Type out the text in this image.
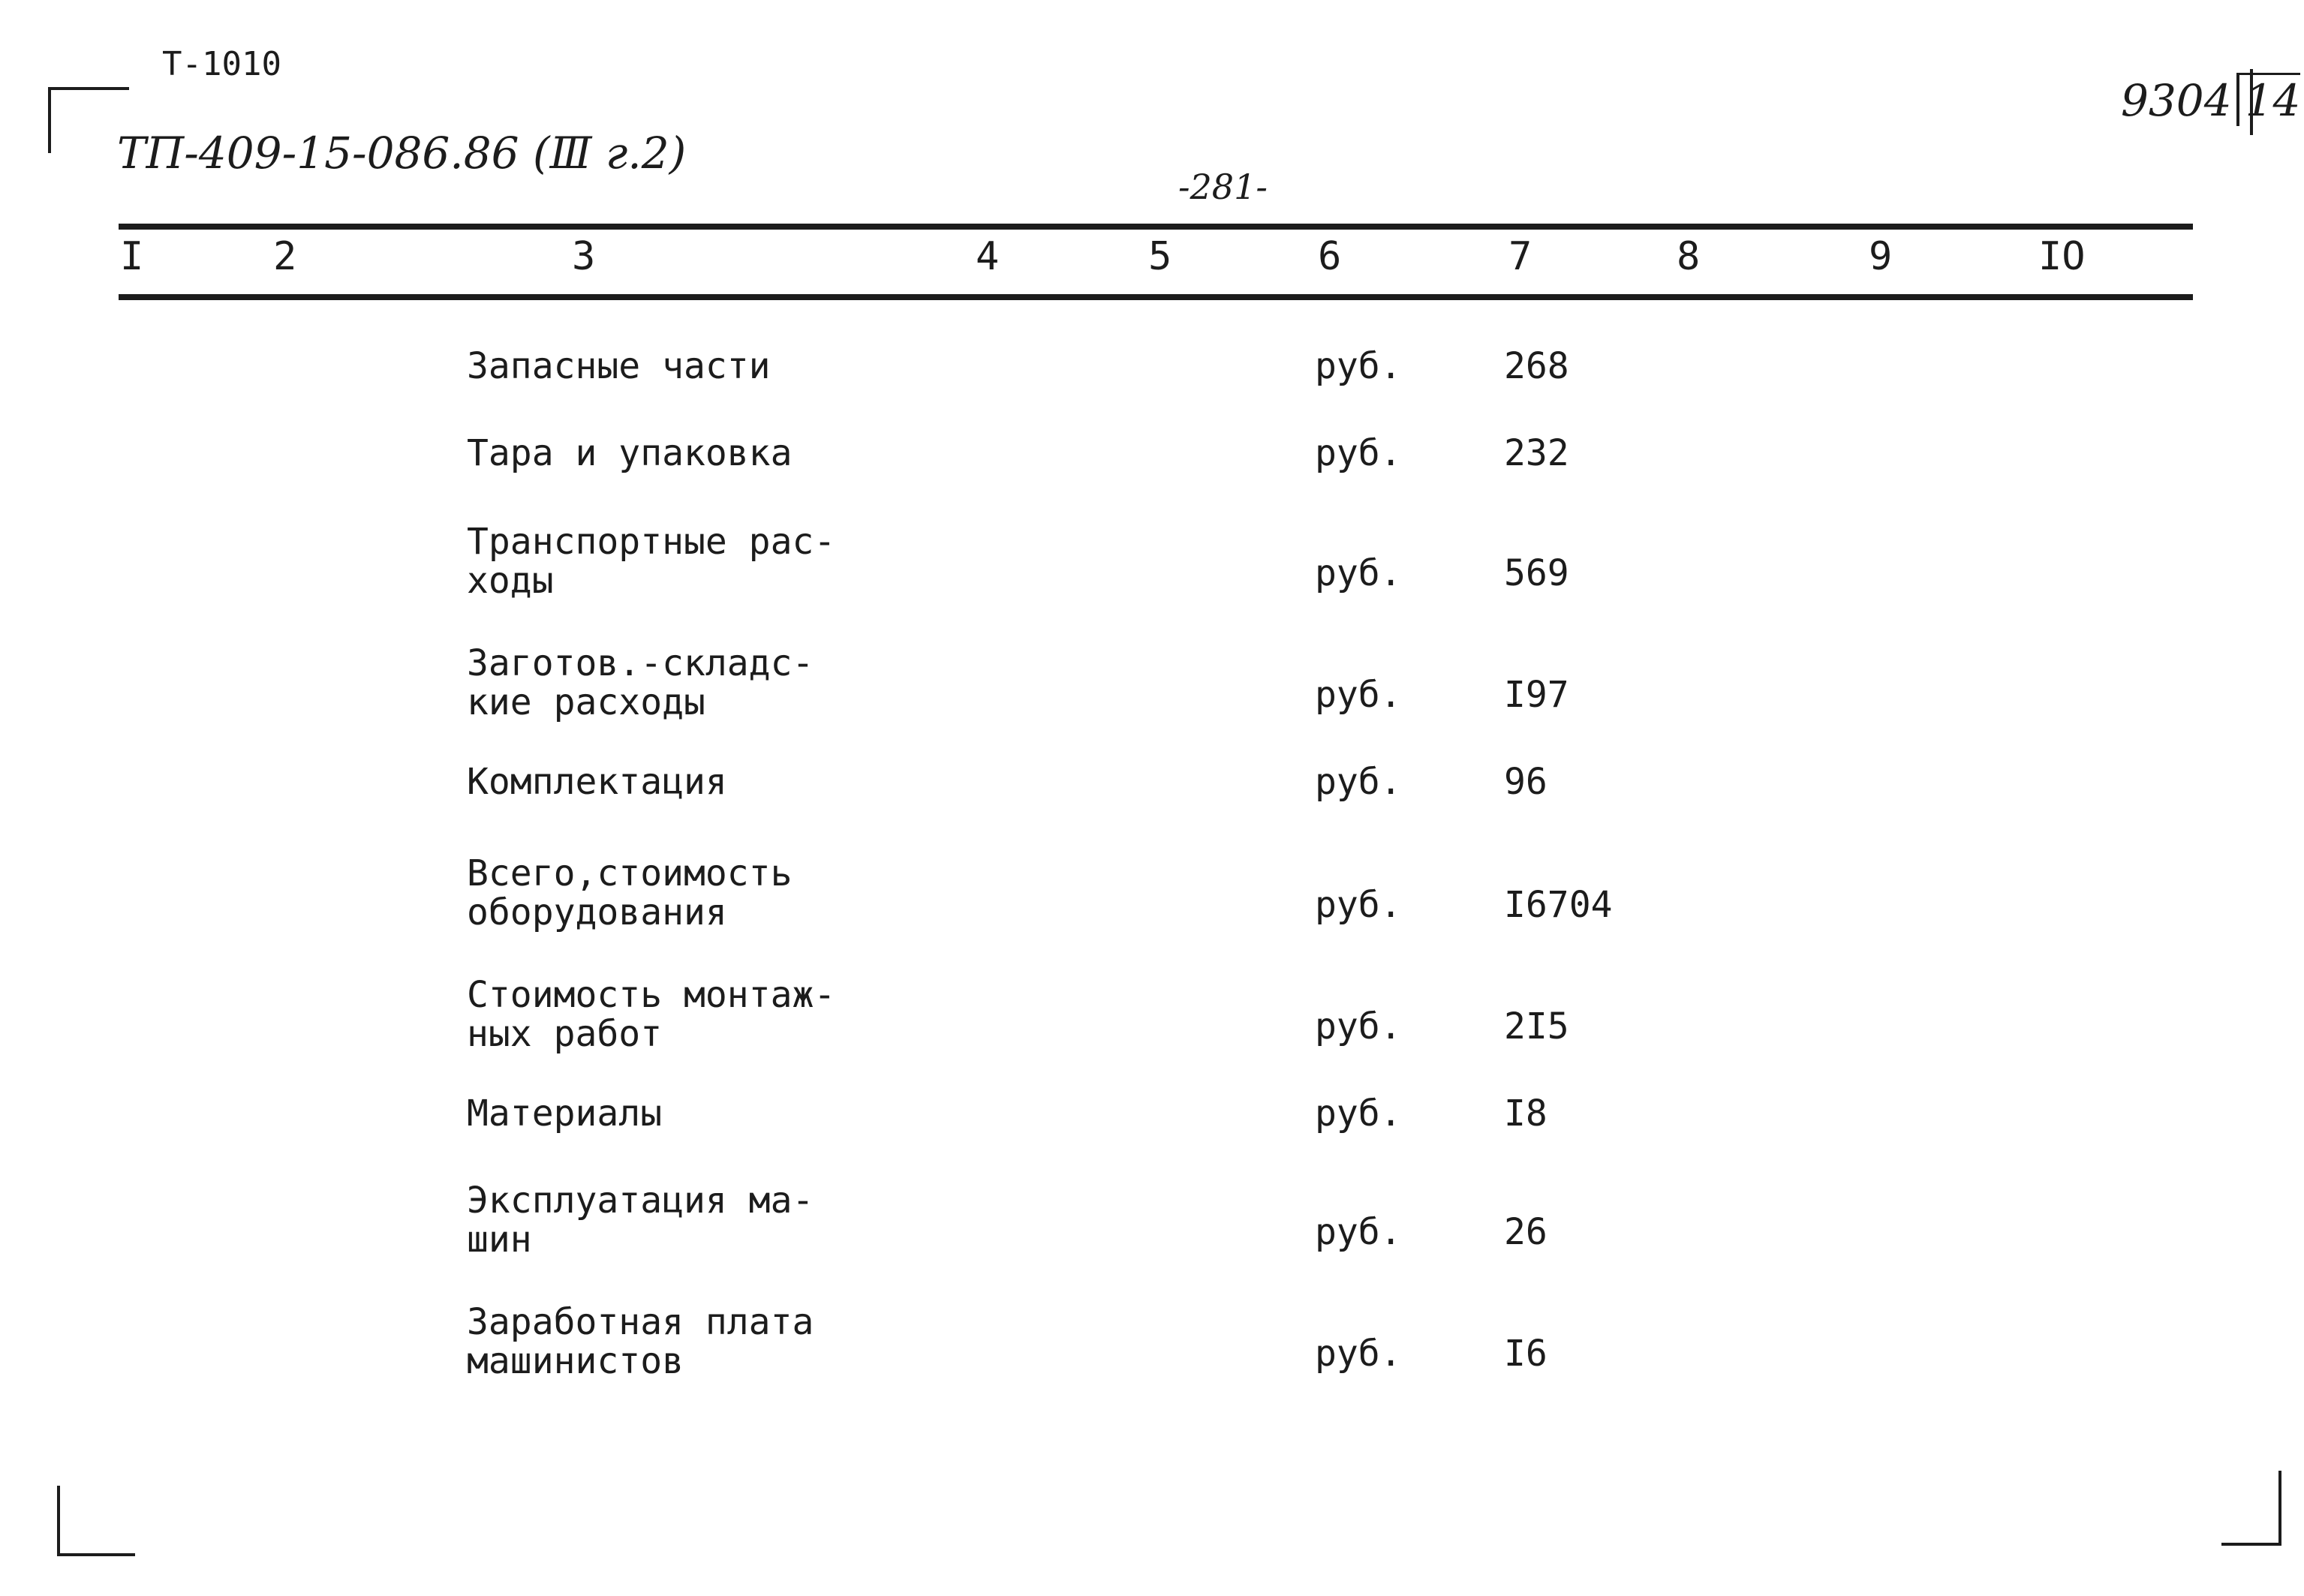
Т-1010
ТП-409-15-086.86 (Ⅲ г.2)
9304 14
-281-
I	2	3	4	5	6	7	8	9	IO
Запасные части	руб.	268
Тара и упаковка	руб.	232
Транспортные рас-
ходы	руб.	569
Заготов.-складс-
кие расходы	руб.	I97
Комплектация	руб.	96
Всего,стоимость
оборудования	руб.	I6704
Стоимость монтаж-
ных работ	руб.	2I5
Материалы	руб.	I8
Эксплуатация ма-
шин	руб.	26
Заработная плата
машинистов	руб.	I6
